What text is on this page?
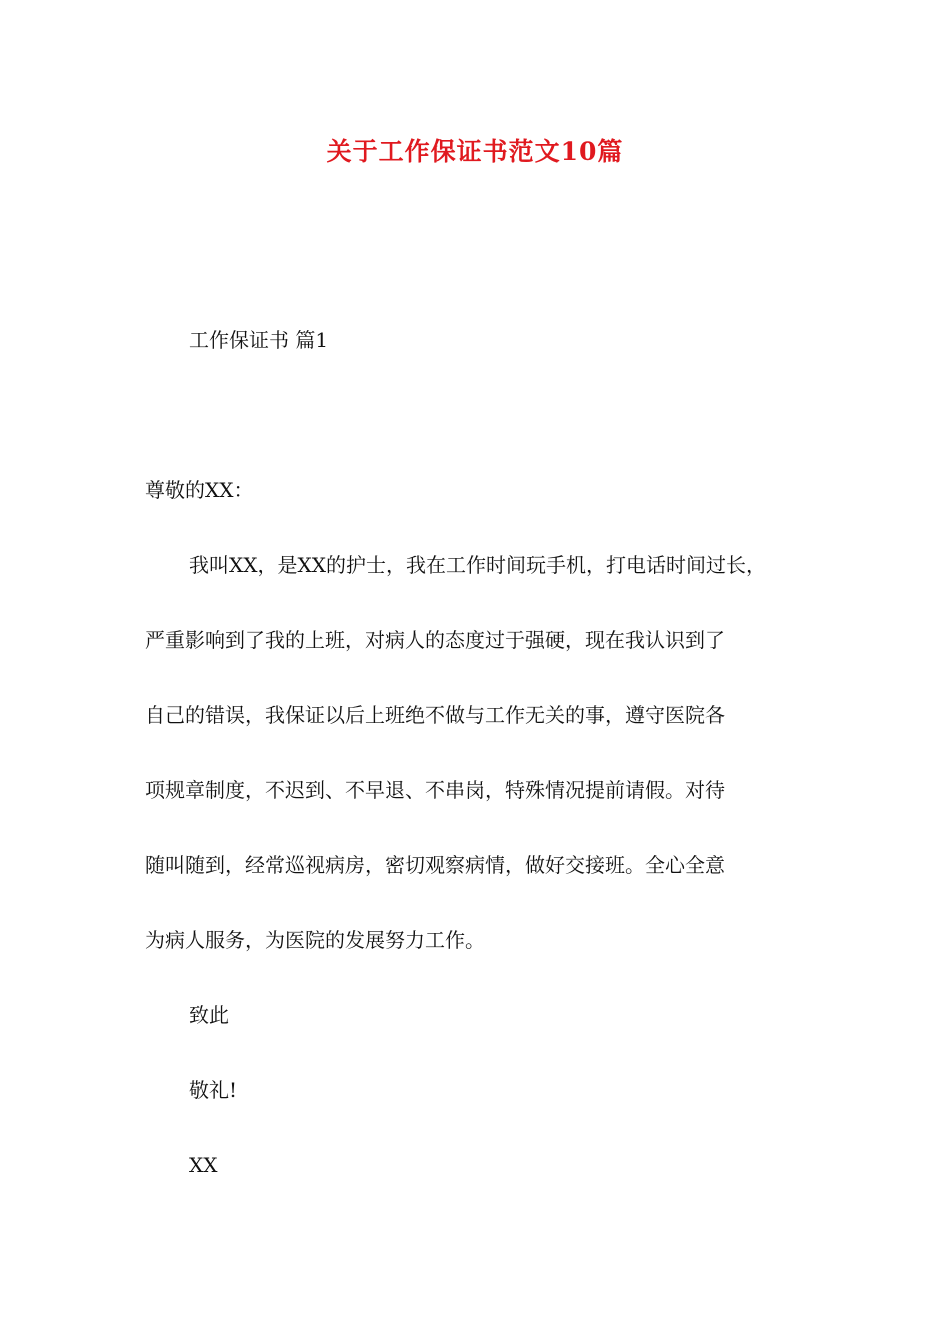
关于工作保证书范文10篇
工作保证书 篇1
尊敬的XX：
我叫XX，是XX的护士，我在工作时间玩手机，打电话时间过长，
严重影响到了我的上班，对病人的态度过于强硬，现在我认识到了
自己的错误，我保证以后上班绝不做与工作无关的事，遵守医院各
项规章制度，不迟到、不早退、不串岗，特殊情况提前请假。对待
随叫随到，经常巡视病房，密切观察病情，做好交接班。全心全意
为病人服务，为医院的发展努力工作。
致此
敬礼!
XX
